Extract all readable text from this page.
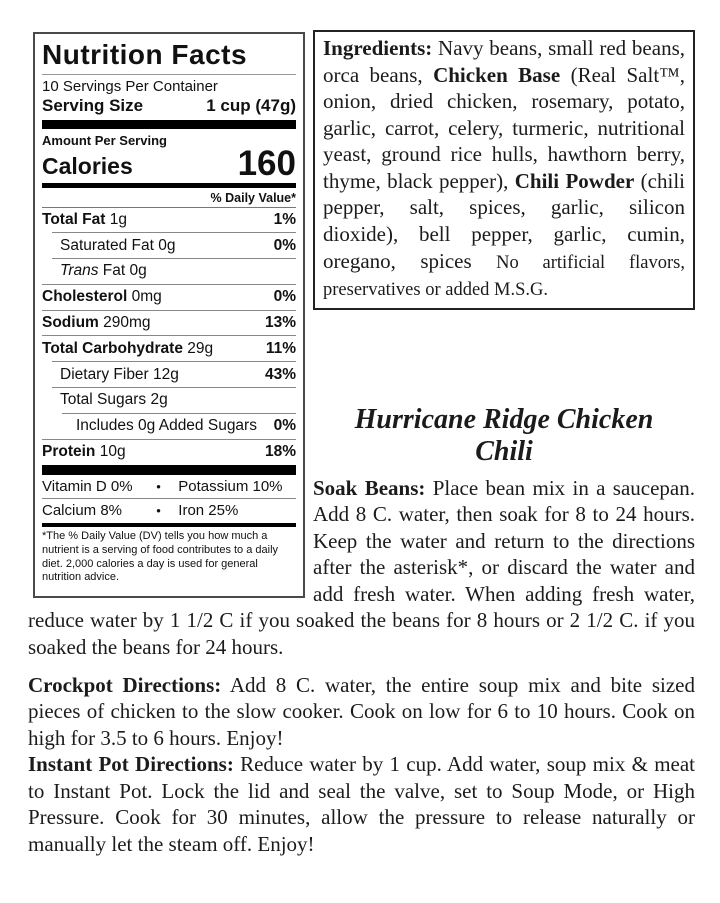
Nutrition Facts
10 Servings Per Container
Serving Size	1 cup (47g)
Amount Per Serving
Calories	160
% Daily Value*
Total Fat 1g	1%
Saturated Fat 0g	0%
Trans Fat 0g
Cholesterol 0mg	0%
Sodium 290mg	13%
Total Carbohydrate 29g	11%
Dietary Fiber 12g	43%
Total Sugars 2g
Includes 0g Added Sugars 0%
Protein 10g	18%
Vitamin D 0%	•	Potassium 10%
Calcium 8%	•	Iron 25%
*The % Daily Value (DV) tells you how much a nutrient is a serving of food contributes to a daily diet. 2,000 calories a day is used for general nutrition advice.
Ingredients: Navy beans, small red beans, orca beans, Chicken Base (Real Salt™, onion, dried chicken, rosemary, potato, garlic, carrot, celery, turmeric, nutritional yeast, ground rice hulls, hawthorn berry, thyme, black pepper), Chili Powder (chili pepper, salt, spices, garlic, silicon dioxide), bell pepper, garlic, cumin, oregano, spices No artificial flavors, preservatives or added M.S.G.
Hurricane Ridge Chicken
Chili

Soak Beans: Place bean mix in a saucepan. Add 8 C. water, then soak for 8 to 24 hours. Keep the water and return to the directions after the asterisk*, or discard the water and add fresh water. When adding fresh water, reduce water by 1 1/2 C if you soaked the beans for 8 hours or 2 1/2 C. if you soaked the beans for 24 hours.

Crockpot Directions: Add 8 C. water, the entire soup mix and bite sized pieces of chicken to the slow cooker. Cook on low for 6 to 10 hours. Cook on high for 3.5 to 6 hours. Enjoy!

Instant Pot Directions: Reduce water by 1 cup. Add water, soup mix & meat to Instant Pot. Lock the lid and seal the valve, set to Soup Mode, or High Pressure. Cook for 30 minutes, allow the pressure to release naturally or manually let the steam off. Enjoy!
